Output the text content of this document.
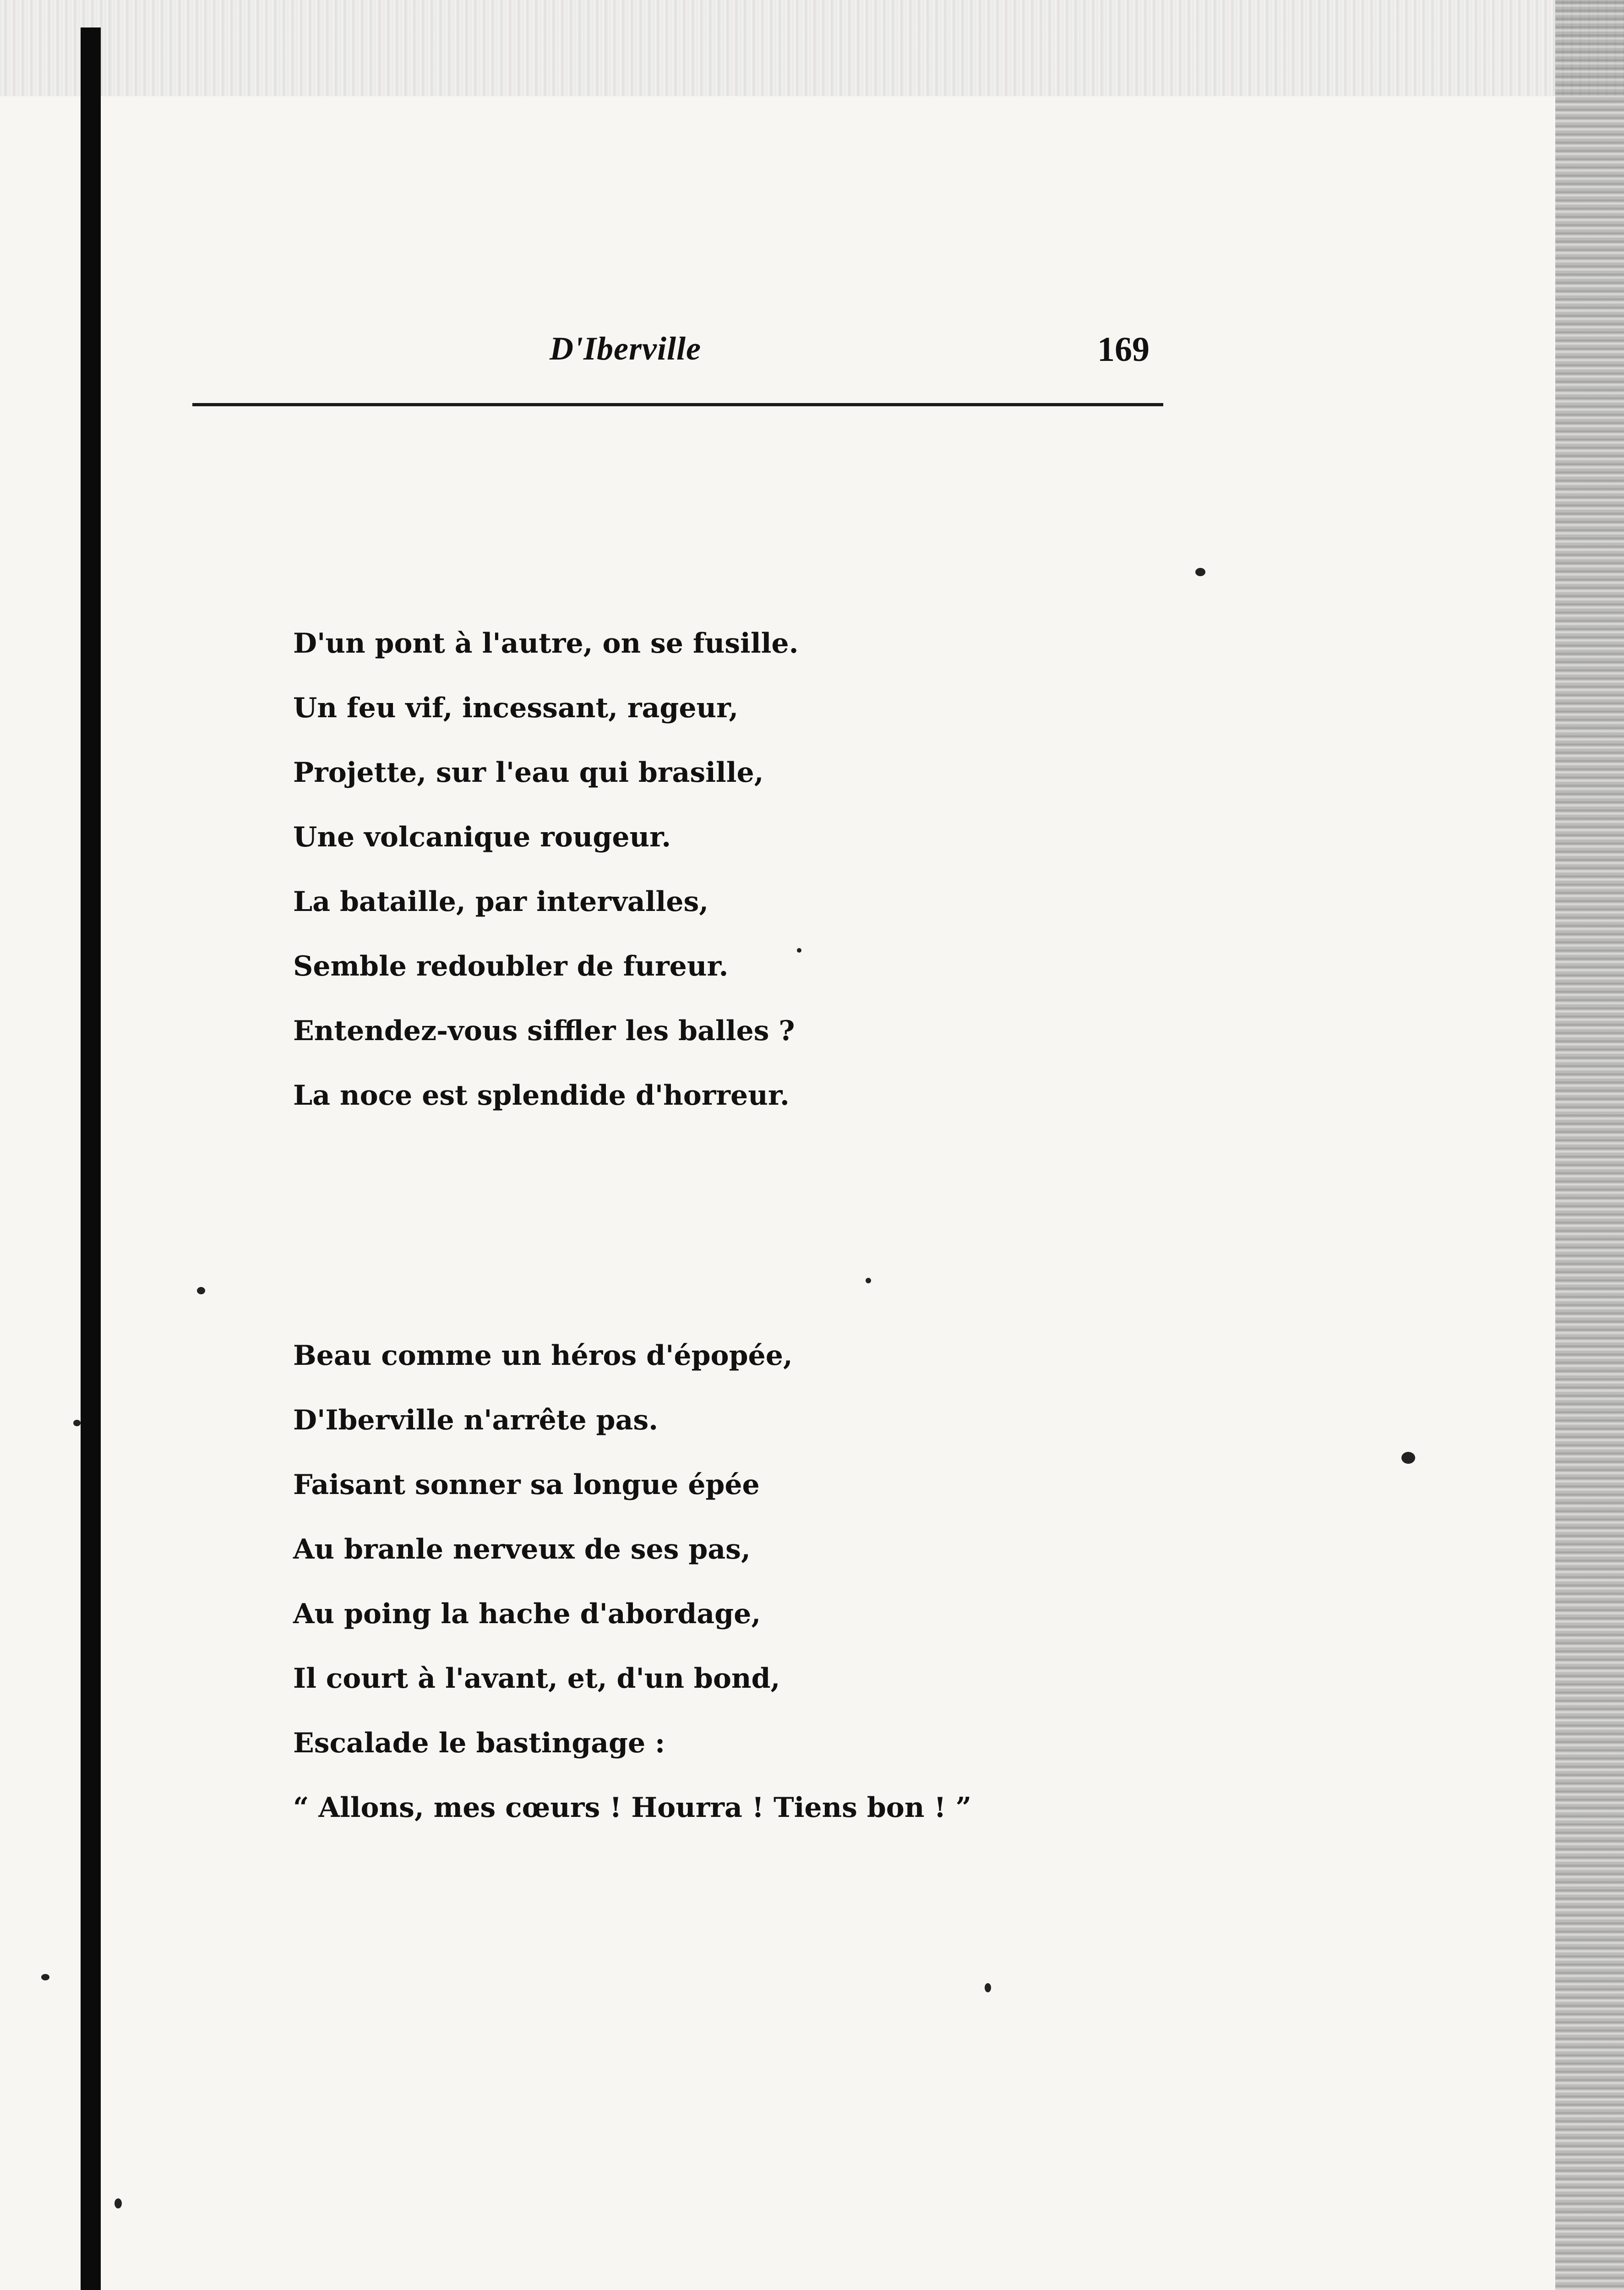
D'Iberville	169
D'un pont à l'autre, on se fusille.
Un feu vif, incessant, rageur,
Projette, sur l'eau qui brasille,
Une volcanique rougeur.
La bataille, par intervalles,
Semble redoubler de fureur.
Entendez-vous siffler les balles ?
La noce est splendide d'horreur.
Beau comme un héros d'épopée,
D'Iberville n'arrête pas.
Faisant sonner sa longue épée
Au branle nerveux de ses pas,
Au poing la hache d'abordage,
Il court à l'avant, et, d'un bond,
Escalade le bastingage :
“ Allons, mes cœurs ! Hourra ! Tiens bon ! ”
